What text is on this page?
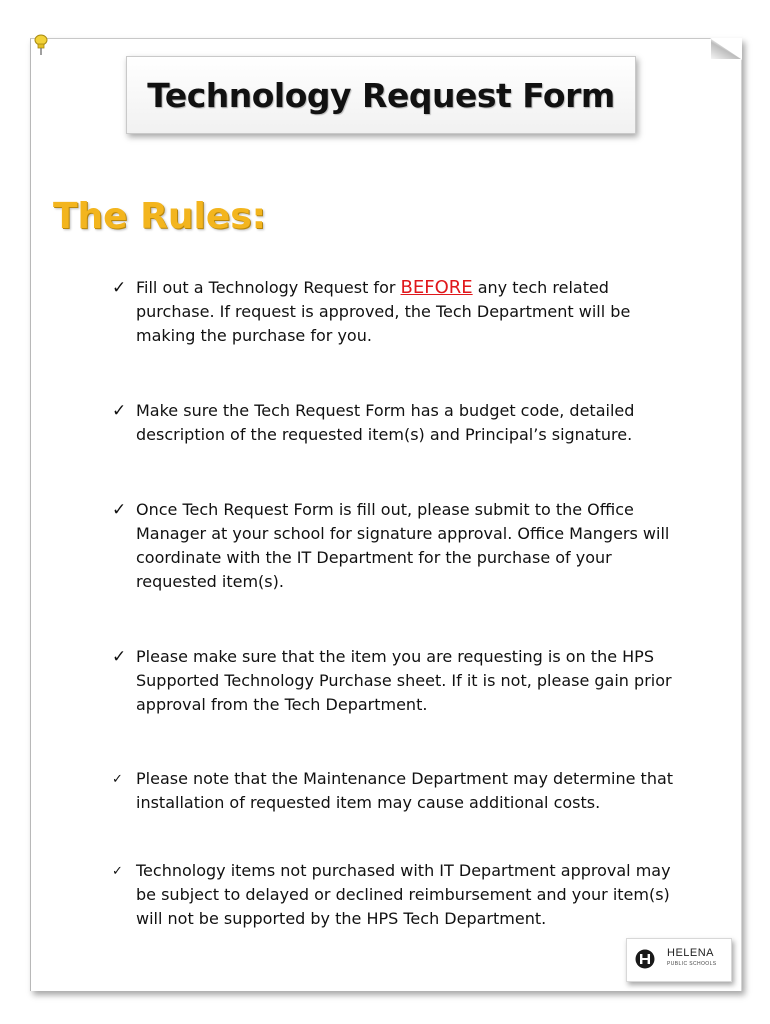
Technology Request Form
The Rules:
✓ Fill out a Technology Request for BEFORE any tech related purchase. If request is approved, the Tech Department will be making the purchase for you.
✓ Make sure the Tech Request Form has a budget code, detailed description of the requested item(s) and Principal’s signature.
✓ Once Tech Request Form is fill out, please submit to the Office Manager at your school for signature approval. Office Mangers will coordinate with the IT Department for the purchase of your requested item(s).
✓ Please make sure that the item you are requesting is on the HPS Supported Technology Purchase sheet. If it is not, please gain prior approval from the Tech Department.
✓ Please note that the Maintenance Department may determine that installation of requested item may cause additional costs.
✓ Technology items not purchased with IT Department approval may be subject to delayed or declined reimbursement and your item(s) will not be supported by the HPS Tech Department.
HELENA
PUBLIC SCHOOLS
